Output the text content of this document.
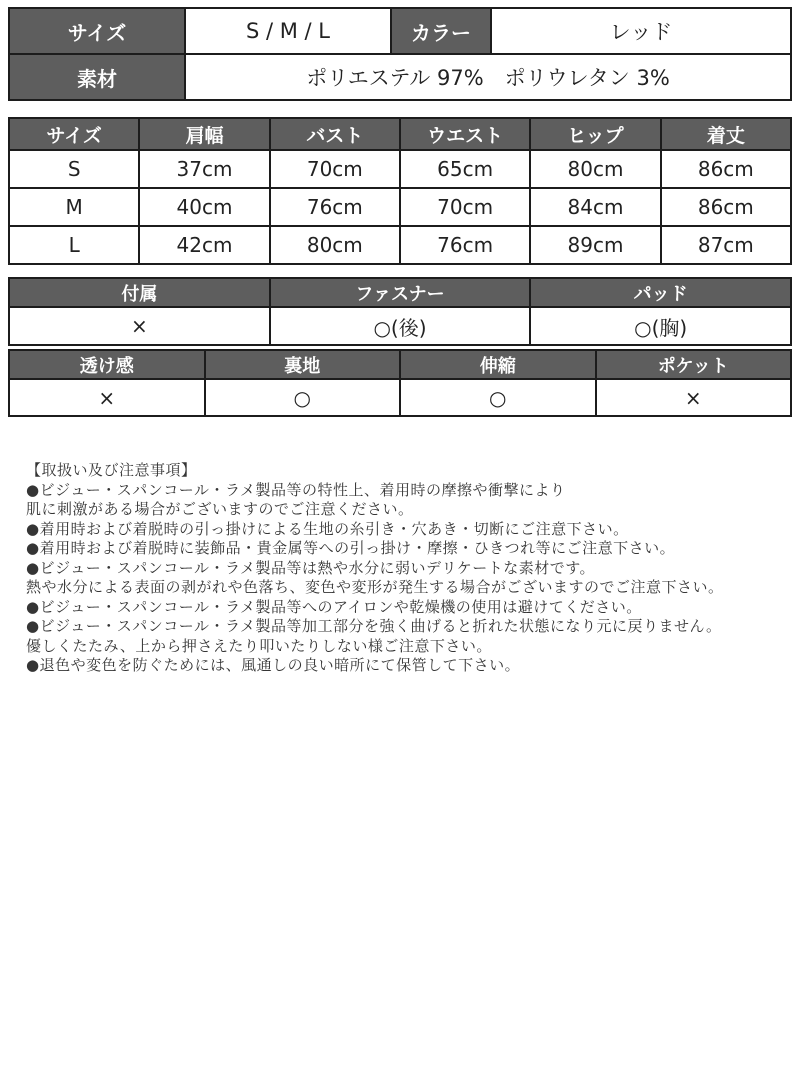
サイズ	S / M / L	カラー	レッド
素材	ポリエステル 97%　ポリウレタン 3%		
サイズ	肩幅	バスト	ウエスト	ヒップ	着丈
S	37cm	70cm	65cm	80cm	86cm
M	40cm	76cm	70cm	84cm	86cm
L	42cm	80cm	76cm	89cm	87cm
付属	ファスナー	パッド
×	○(後)	○(胸)
透け感	裏地	伸縮	ポケット
×	○	○	×
【取扱い及び注意事項】
●ビジュー・スパンコール・ラメ製品等の特性上、着用時の摩擦や衝撃により
肌に刺激がある場合がございますのでご注意ください。
●着用時および着脱時の引っ掛けによる生地の糸引き・穴あき・切断にご注意下さい。
●着用時および着脱時に装飾品・貴金属等への引っ掛け・摩擦・ひきつれ等にご注意下さい。
●ビジュー・スパンコール・ラメ製品等は熱や水分に弱いデリケートな素材です。
熱や水分による表面の剥がれや色落ち、変色や変形が発生する場合がございますのでご注意下さい。
●ビジュー・スパンコール・ラメ製品等へのアイロンや乾燥機の使用は避けてください。
●ビジュー・スパンコール・ラメ製品等加工部分を強く曲げると折れた状態になり元に戻りません。
優しくたたみ、上から押さえたり叩いたりしない様ご注意下さい。
●退色や変色を防ぐためには、風通しの良い暗所にて保管して下さい。
